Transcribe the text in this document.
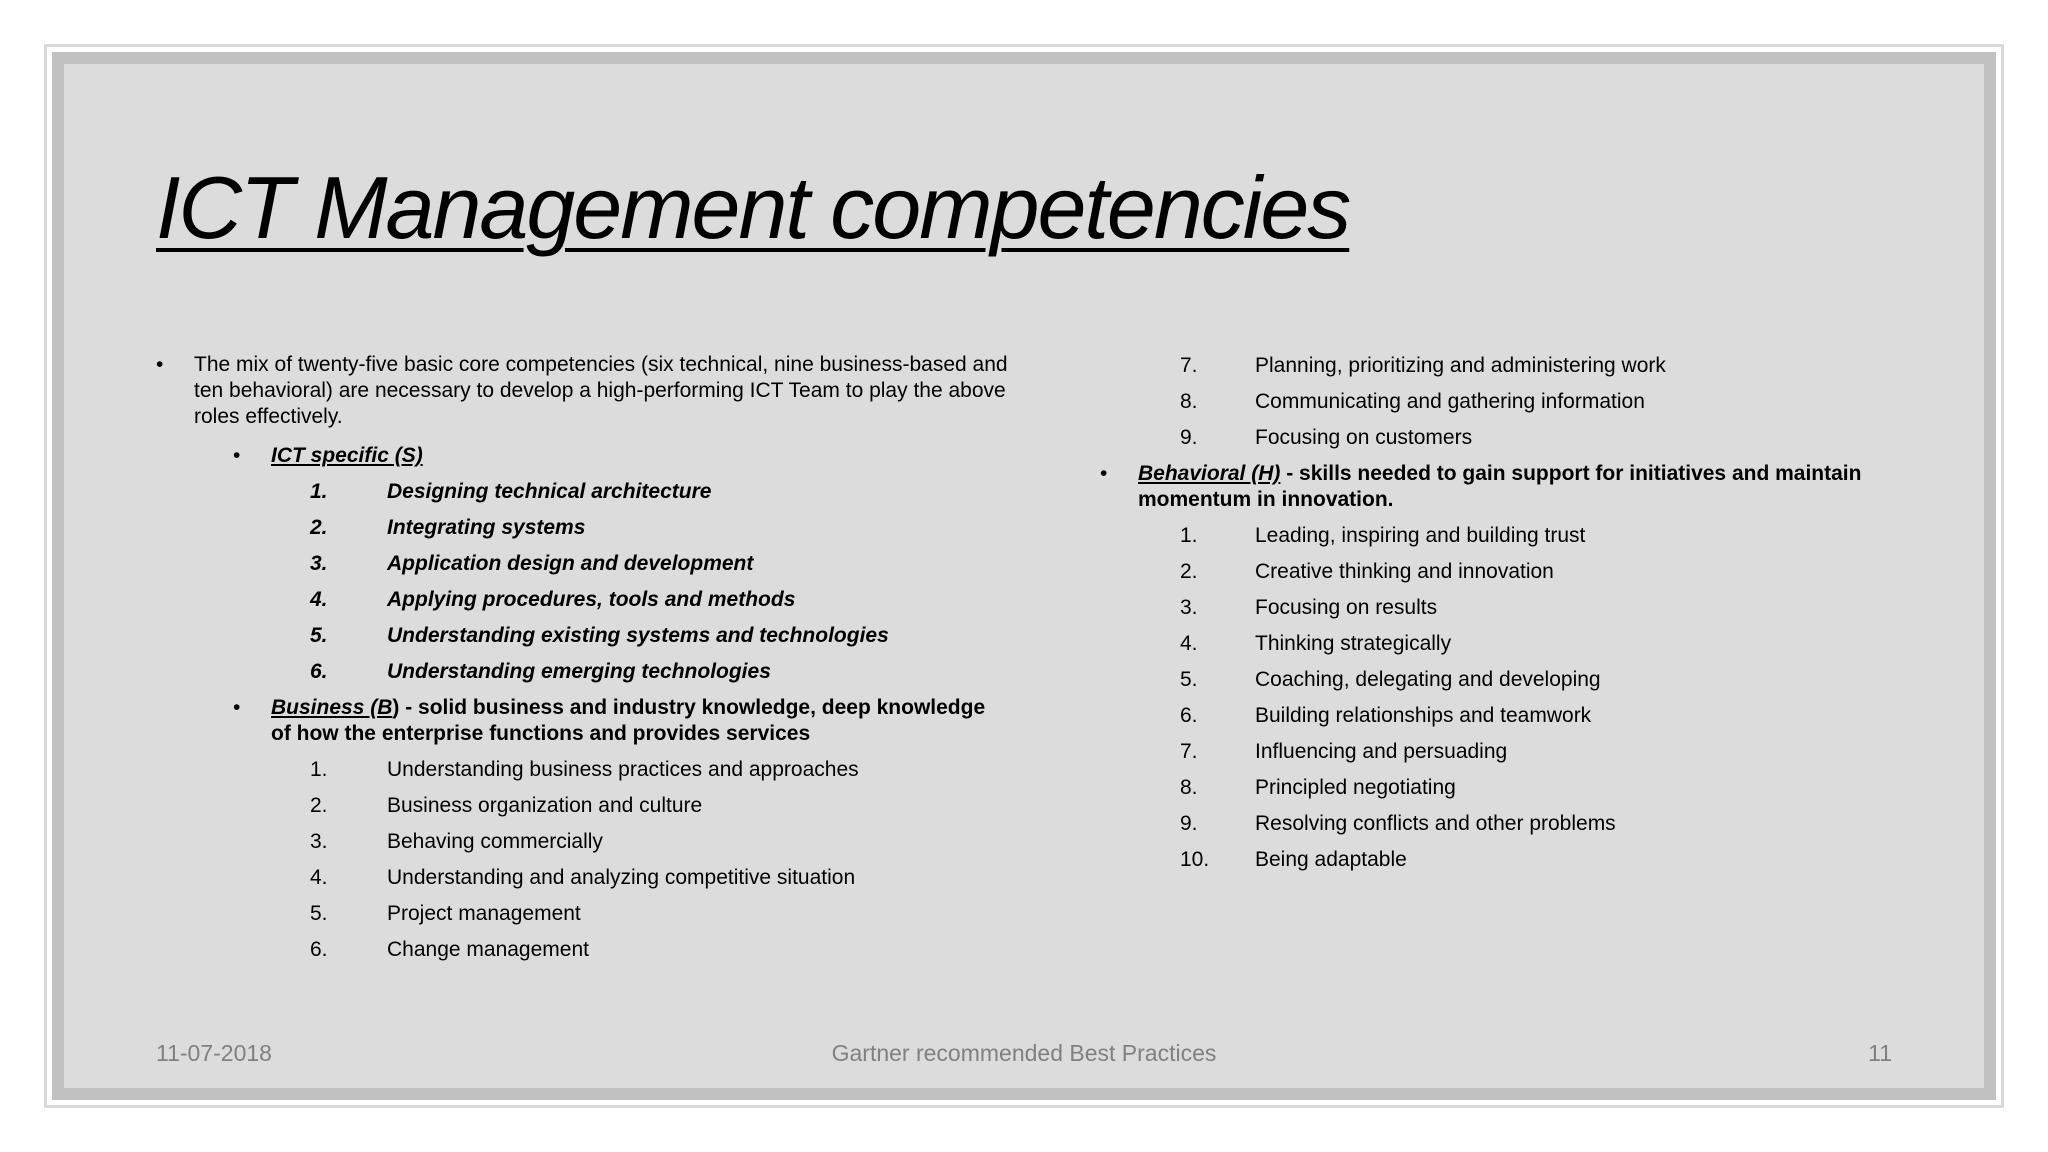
ICT Management competencies
• The mix of twenty-five basic core competencies (six technical, nine business-based and ten behavioral) are necessary to develop a high-performing ICT Team to play the above roles effectively.
• ICT specific (S)
1.	Designing technical architecture
2.	Integrating systems
3.	Application design and development
4.	Applying procedures, tools and methods
5.	Understanding existing systems and technologies
6.	Understanding emerging technologies
• Business (B) - solid business and industry knowledge, deep knowledge of how the enterprise functions and provides services
1.	Understanding business practices and approaches
2.	Business organization and culture
3.	Behaving commercially
4.	Understanding and analyzing competitive situation
5.	Project management
6.	Change management
7.	Planning, prioritizing and administering work
8.	Communicating and gathering information
9.	Focusing on customers
• Behavioral (H) - skills needed to gain support for initiatives and maintain momentum in innovation.
1.	Leading, inspiring and building trust
2.	Creative thinking and innovation
3.	Focusing on results
4.	Thinking strategically
5.	Coaching, delegating and developing
6.	Building relationships and teamwork
7.	Influencing and persuading
8.	Principled negotiating
9.	Resolving conflicts and other problems
10. Being adaptable
11-07-2018	Gartner recommended Best Practices	11
